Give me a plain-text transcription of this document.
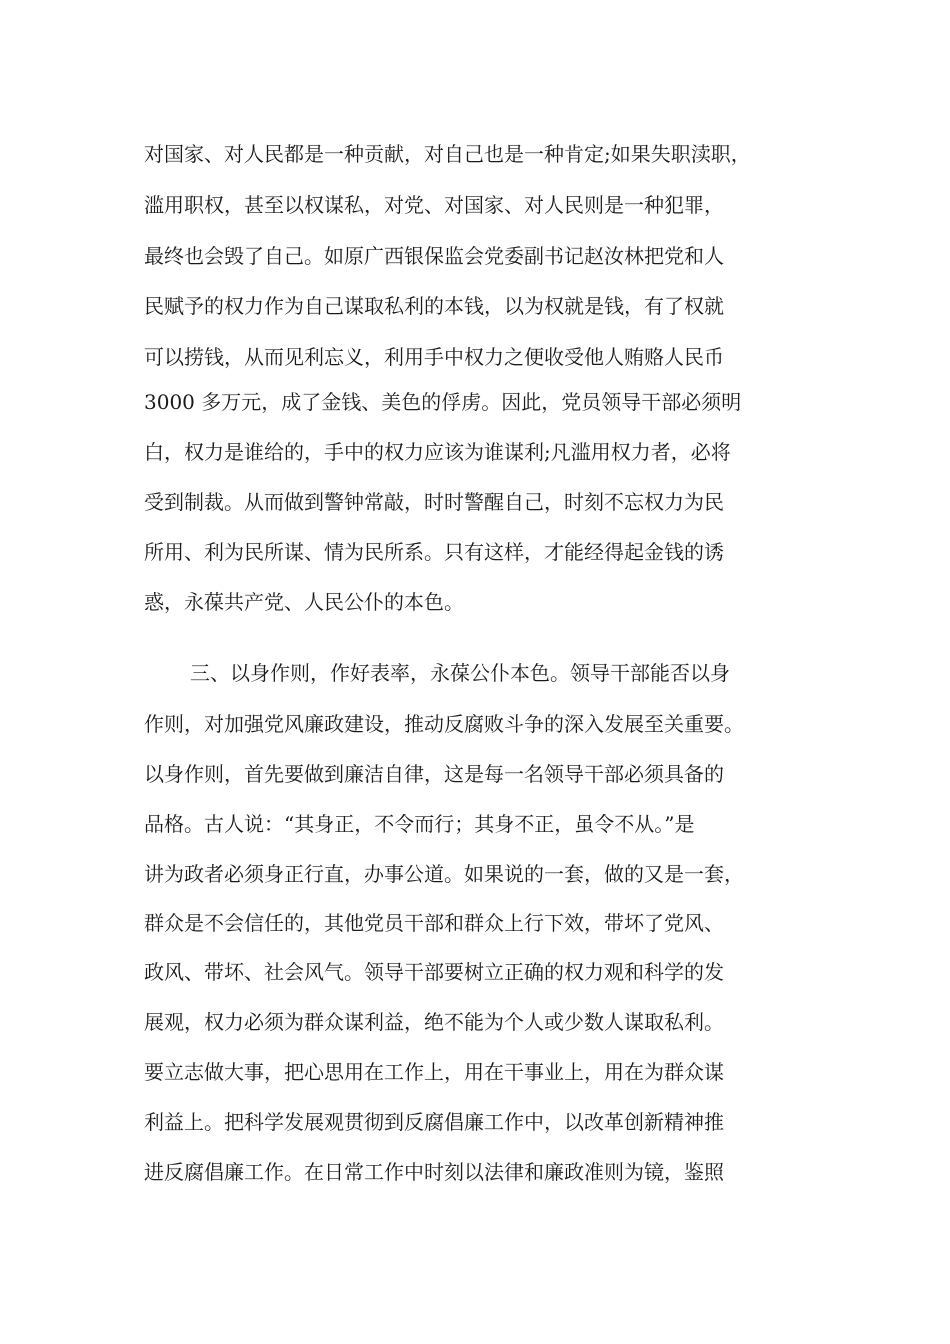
对国家、对人民都是一种贡献，对自己也是一种肯定;如果失职渎职，
滥用职权，甚至以权谋私，对党、对国家、对人民则是一种犯罪，
最终也会毁了自己。如原广西银保监会党委副书记赵汝林把党和人
民赋予的权力作为自己谋取私利的本钱，以为权就是钱，有了权就
可以捞钱，从而见利忘义，利用手中权力之便收受他人贿赂人民币
3000 多万元，成了金钱、美色的俘虏。因此，党员领导干部必须明
白，权力是谁给的，手中的权力应该为谁谋利;凡滥用权力者，必将
受到制裁。从而做到警钟常敲，时时警醒自己，时刻不忘权力为民
所用、利为民所谋、情为民所系。只有这样，才能经得起金钱的诱
惑，永葆共产党、人民公仆的本色。
三、以身作则，作好表率，永葆公仆本色。领导干部能否以身
作则，对加强党风廉政建设，推动反腐败斗争的深入发展至关重要。
以身作则，首先要做到廉洁自律，这是每一名领导干部必须具备的
品格。古人说：“其身正，不令而行；其身不正，虽令不从。”是
讲为政者必须身正行直，办事公道。如果说的一套，做的又是一套，
群众是不会信任的，其他党员干部和群众上行下效，带坏了党风、
政风、带坏、社会风气。领导干部要树立正确的权力观和科学的发
展观，权力必须为群众谋利益，绝不能为个人或少数人谋取私利。
要立志做大事，把心思用在工作上，用在干事业上，用在为群众谋
利益上。把科学发展观贯彻到反腐倡廉工作中，以改革创新精神推
进反腐倡廉工作。在日常工作中时刻以法律和廉政准则为镜，鉴照
